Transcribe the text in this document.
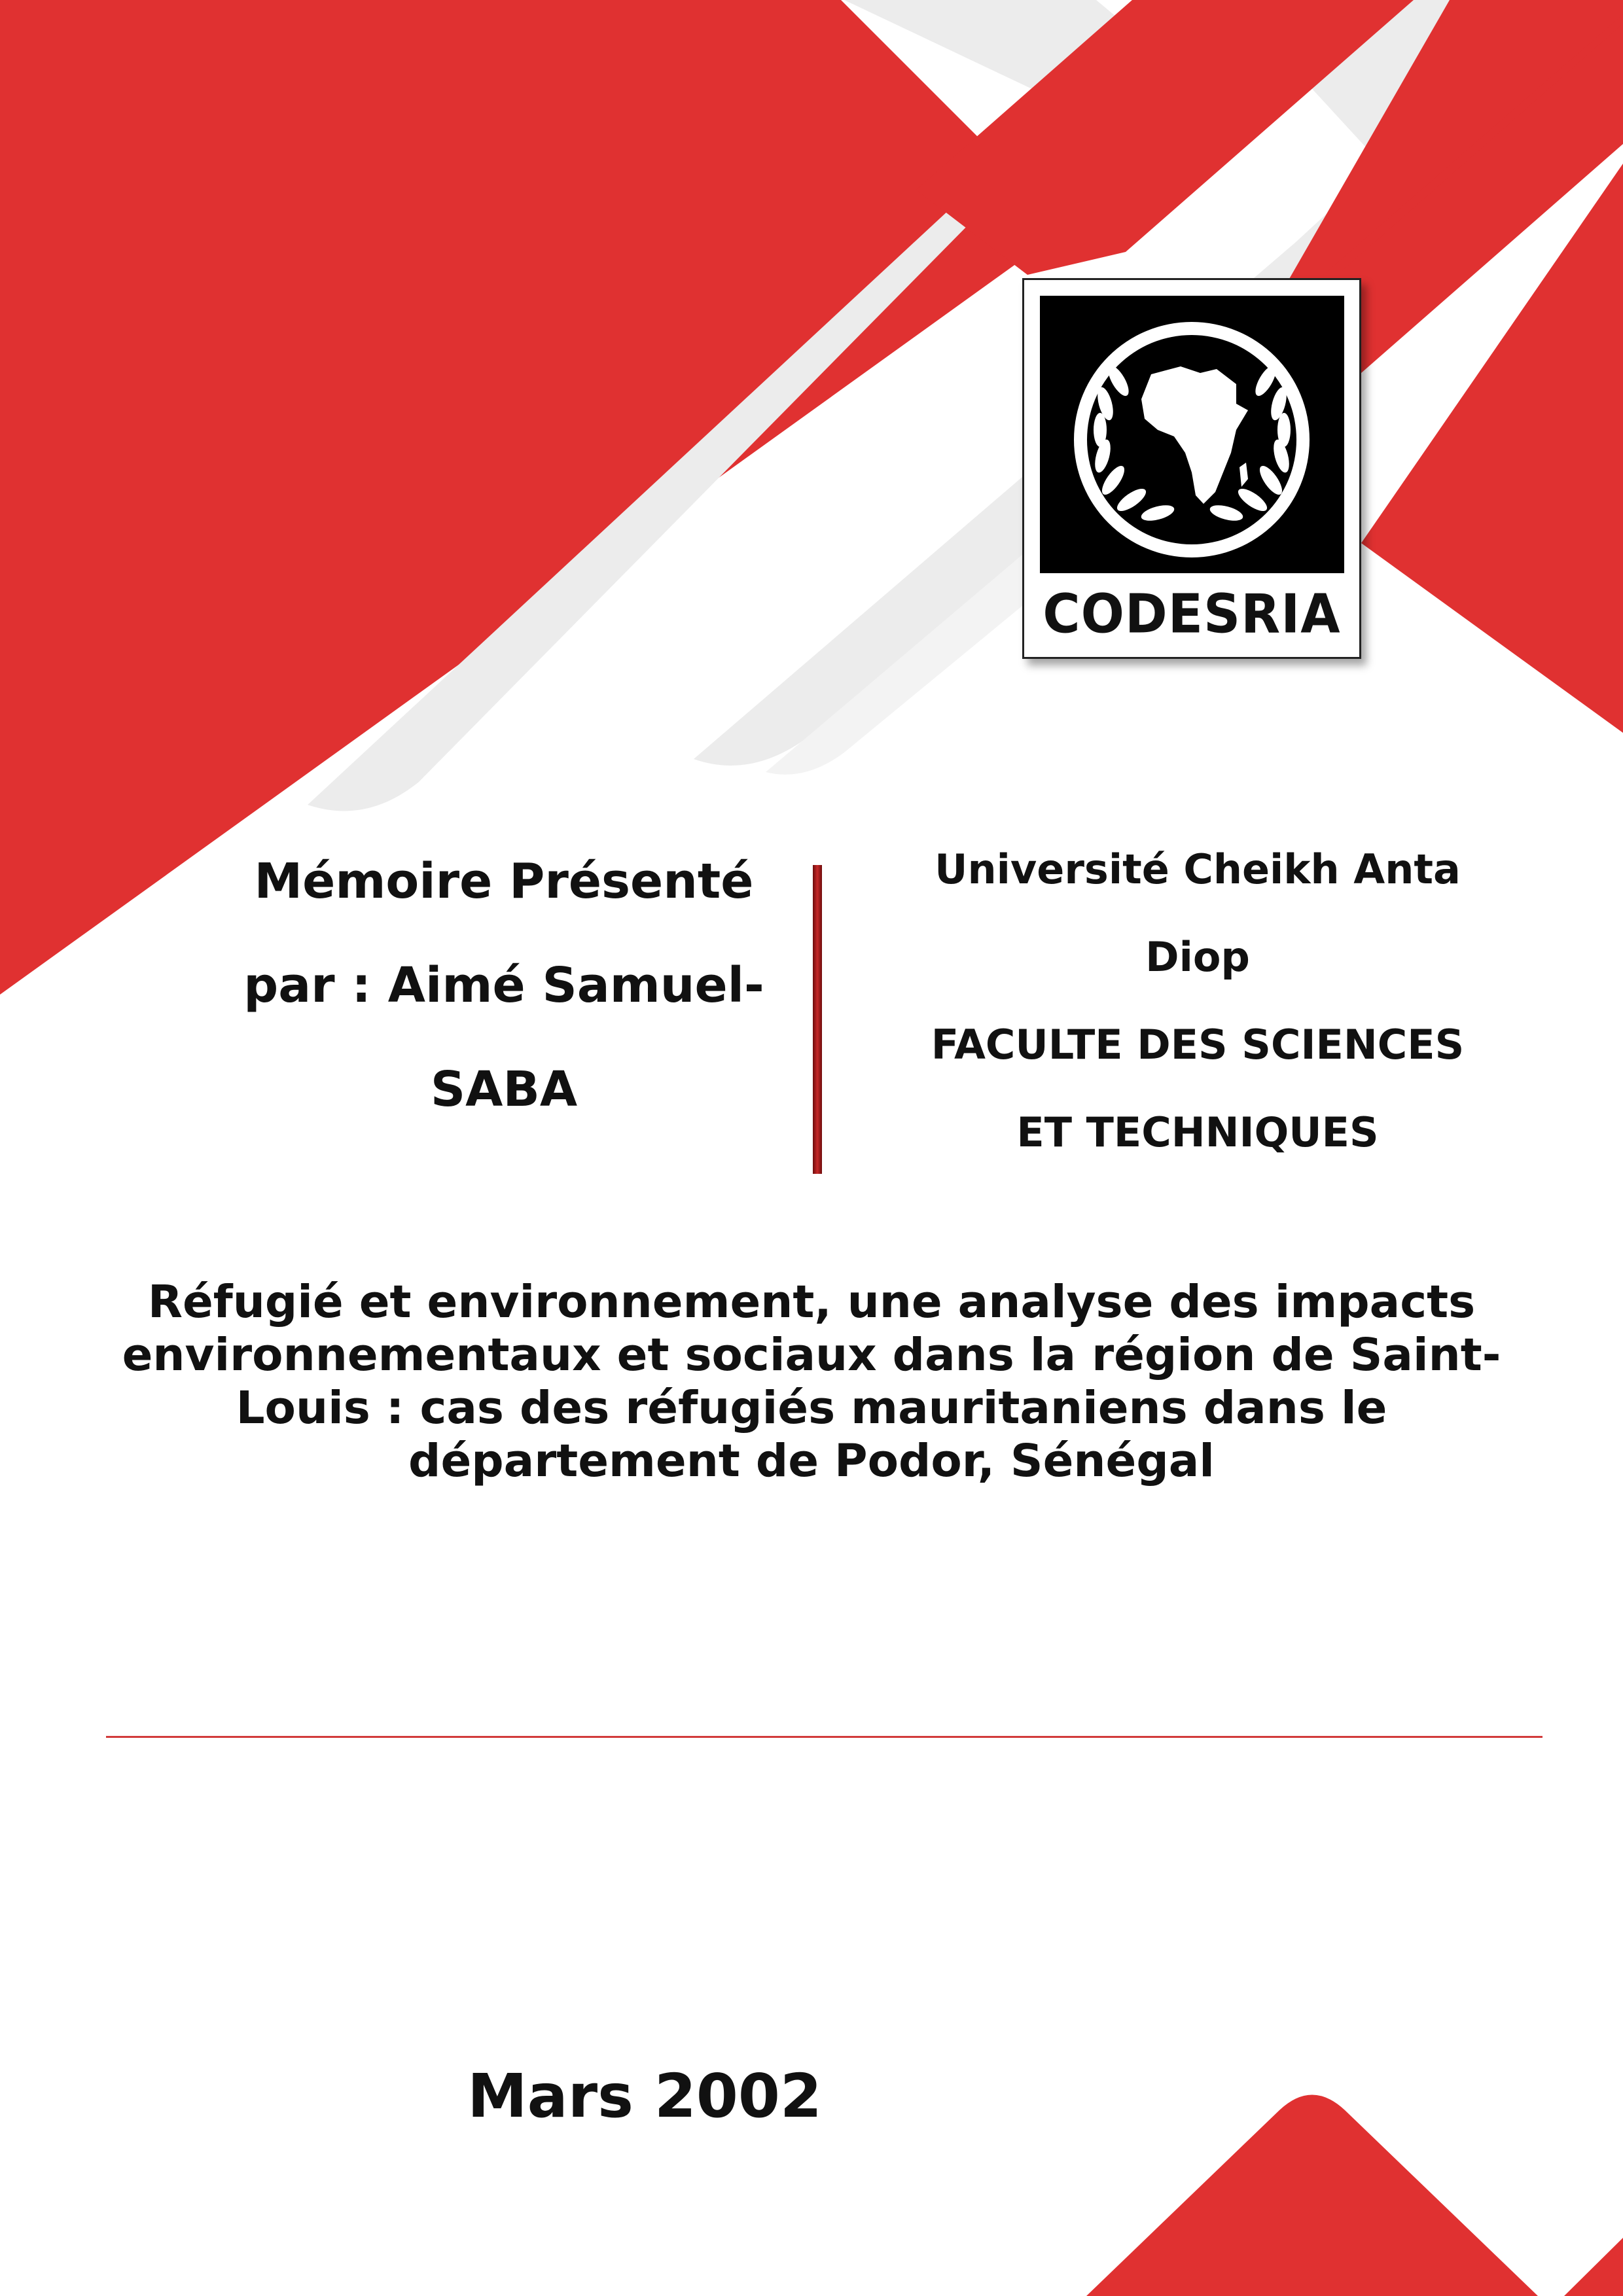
CODESRIA
Mémoire Présenté
par : Aimé Samuel-
SABA
Université Cheikh Anta
Diop
FACULTE DES SCIENCES
ET TECHNIQUES
Réfugié et environnement, une analyse des impacts
environnementaux et sociaux dans la région de Saint-
Louis : cas des réfugiés mauritaniens dans le
département de Podor, Sénégal
Mars 2002
